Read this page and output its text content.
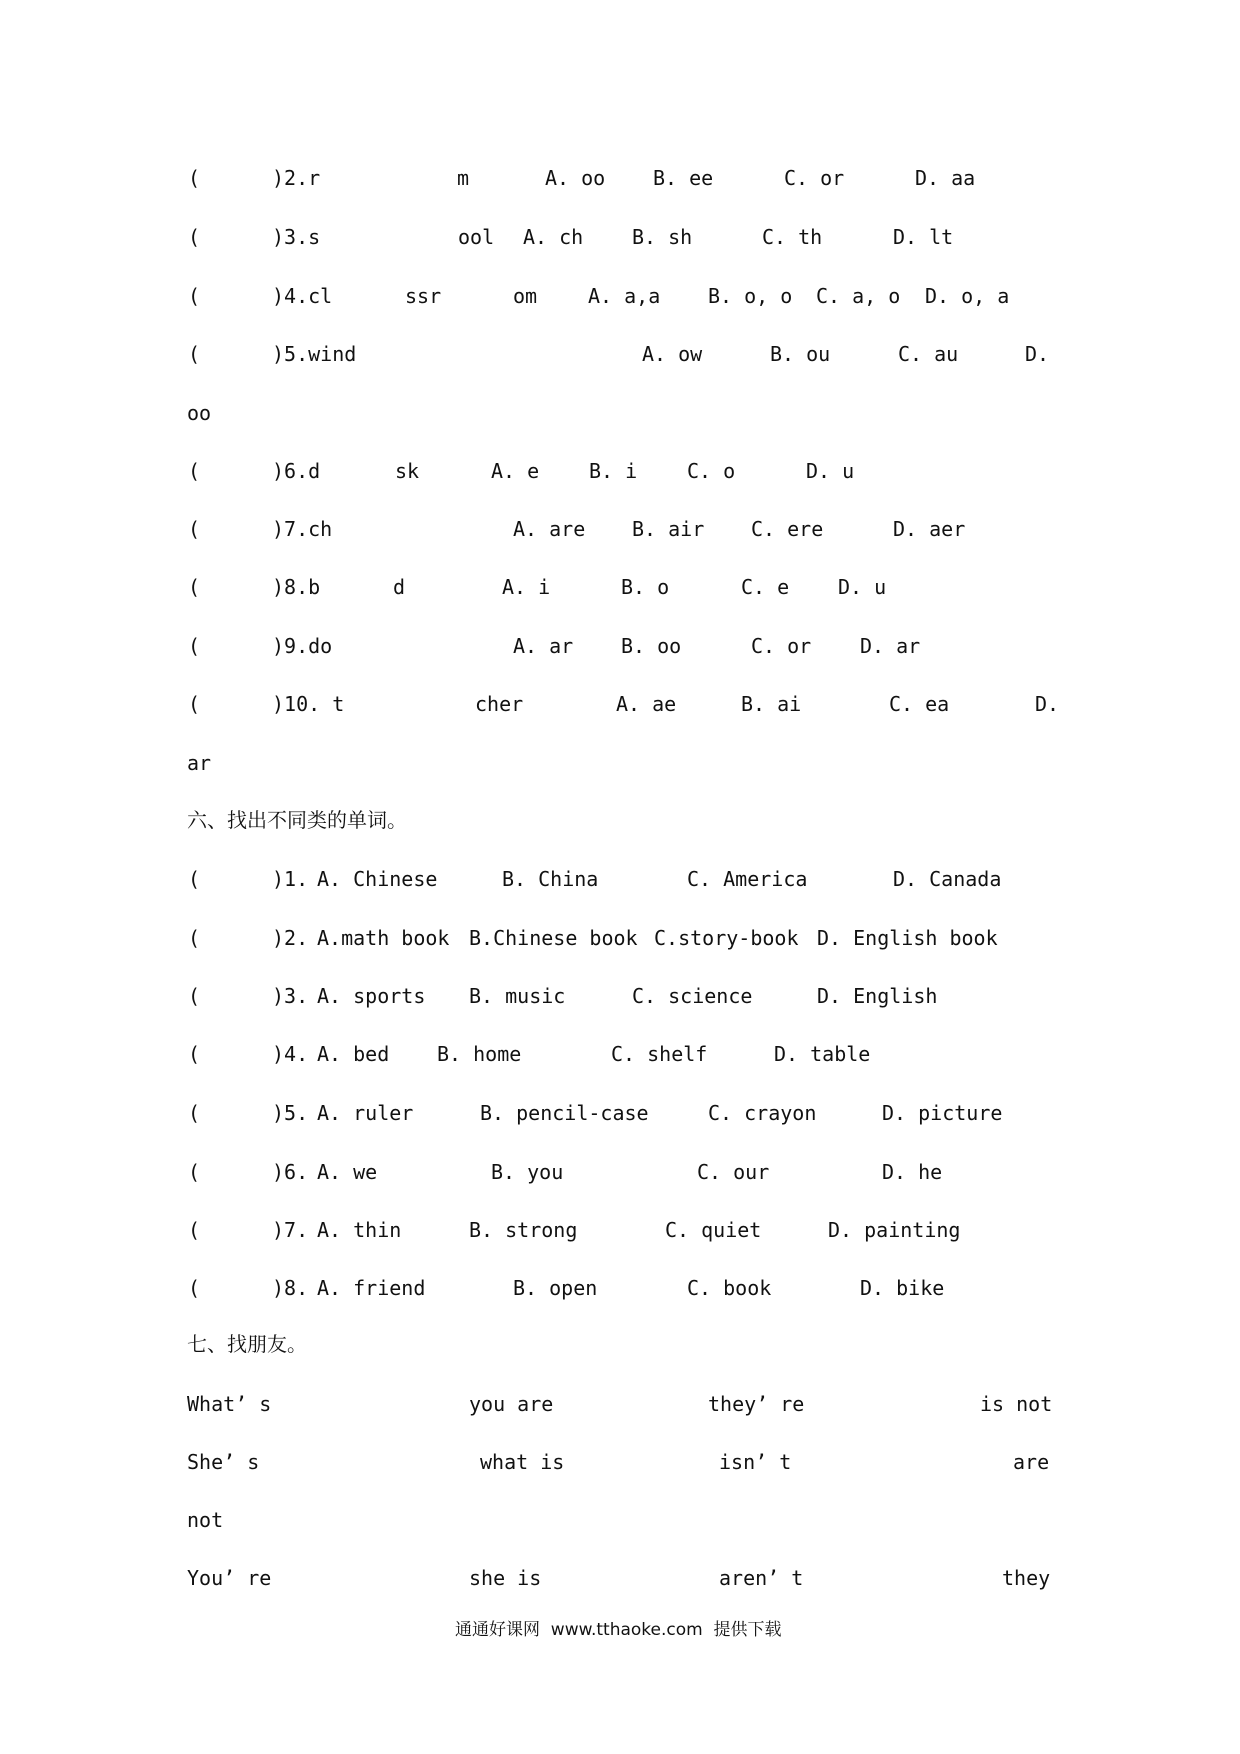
(	)2.r	m	A. oo B. ee	C. or	D. aa
(	)3.s	ool A. ch B. sh	C. th	D. lt
(	)4.cl	ssr	om	A. a,a B. o, o C. a, o D. o, a
(	)5.wind	A. ow	B. ou	C. au	D.
oo
(	)6.d	sk	A. e B. i C. o	D. u
(	)7.ch	A. are B. air C. ere	D. aer
(	)8.b	d	A. i	B. o	C. e D. u
(	)9.do	A. ar B. oo	C. or D. ar
(	)10. t	cher	A. ae	B. ai	C. ea	D.
ar
六、找出不同类的单词。
(	)1. A. Chinese	B. China	C. America	D. Canada
(	)2. A.math book B.Chinese book C.story-book D. English book
(	)3. A. sports B. music	C. science	D. English
(	)4. A. bed B. home	C. shelf	D. table
(	)5. A. ruler	B. pencil-case	C. crayon	D. picture
(	)6. A. we	B. you	C. our	D. he
(	)7. A. thin	B. strong	C. quiet	D. painting
(	)8. A. friend	B. open	C. book	D. bike
七、找朋友。
What’ s	you are	they’ re	is not
She’ s	what is	isn’ t	are
not
You’ re	she is	aren’ t	they
通通好课网  www.tthaoke.com  提供下载
